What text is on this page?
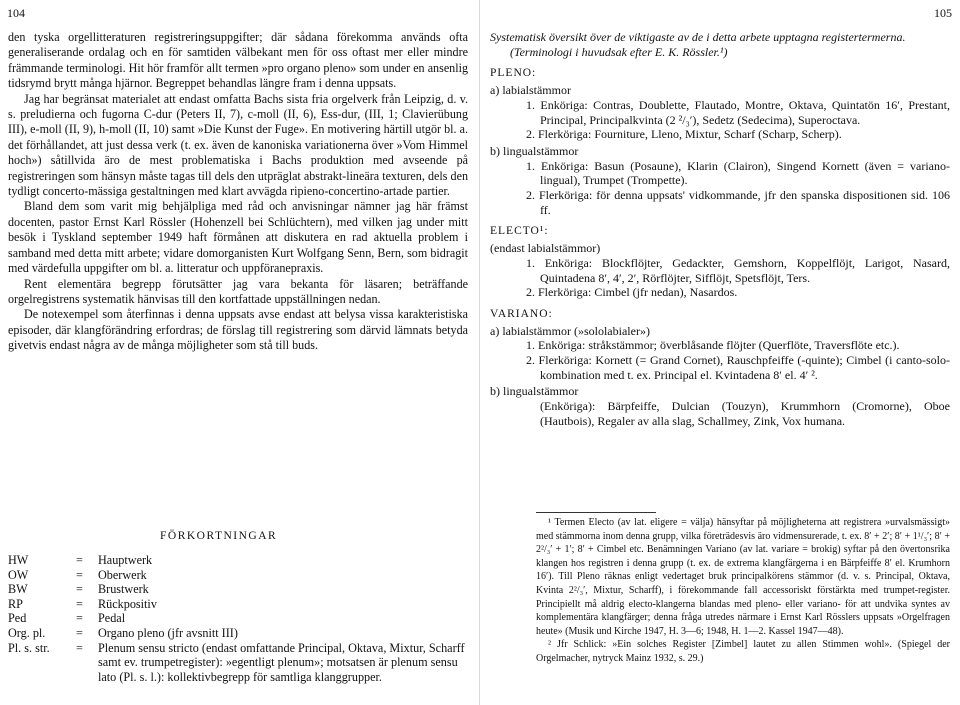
104

den tyska orgellitteraturen registreringsuppgifter; där sådana förekomma används ofta generaliserande ordalag och en för samtiden välbekant men för oss oftast mer eller mindre främmande terminologi. Hit hör framför allt termen »pro organo pleno» som under en ansenlig tidsrymd brytt många hjärnor. Begreppet behandlas längre fram i denna uppsats.

Jag har begränsat materialet att endast omfatta Bachs sista fria orgelverk från Leipzig, d. v. s. preludierna och fugorna C-dur (Peters II, 7), c-moll (II, 6), Ess-dur, (III, 1; Clavierübung III), e-moll (II, 9), h-moll (II, 10) samt »Die Kunst der Fuge». En motivering härtill utgör bl. a. det förhållandet, att just dessa verk (t. ex. även de kanoniska variationerna över »Vom Himmel hoch») såtillvida äro de mest problematiska i Bachs produktion med avseende på registreringen som hänsyn måste tagas till dels den utpräglat abstrakt-lineära texturen, dels den tydligt concerto-mässiga gestaltningen med klart avvägda ripieno-concertino-artade partier.

Bland dem som varit mig behjälpliga med råd och anvisningar nämner jag här främst docenten, pastor Ernst Karl Rössler (Hohenzell bei Schlüchtern), med vilken jag under mitt besök i Tyskland september 1949 haft förmånen att diskutera en rad aktuella problem i samband med detta mitt arbete; vidare domorganisten Kurt Wolfgang Senn, Bern, som bidragit med värdefulla uppgifter om bl. a. litteratur och uppföranepraxis.

Rent elementära begrepp förutsätter jag vara bekanta för läsaren; beträffande orgelregistrens systematik hänvisas till den kortfattade uppställningen nedan.

De notexempel som återfinnas i denna uppsats avse endast att belysa vissa karakteristiska episoder, där klangförändring erfordras; de förslag till registrering som därvid lämnats betyda givetvis endast några av de många möjligheter som stå till buds.

FÖRKORTNINGAR
HW	=	Hauptwerk
OW	=	Oberwerk
BW	=	Brustwerk
RP	=	Rückpositiv
Ped	=	Pedal
Org. pl.	=	Organo pleno (jfr avsnitt III)
Pl. s. str.	=	Plenum sensu stricto (endast omfattande Principal, Oktava, Mixtur, Scharff samt ev. trumpetregister): »egentligt plenum»; motsatsen är plenum sensu lato (Pl. s. l.): kollektivbegrepp för samtliga klanggrupper.
105

Systematisk översikt över de viktigaste av de i detta arbete upptagna registertermerna. (Terminologi i huvudsak efter E. K. Rössler.¹)

PLENO:
a) labialstämmor
1. Enköriga: Contras, Doublette, Flautado, Montre, Oktava, Quintatön 16′, Prestant, Principal, Principalkvinta (2 ²/₃′), Sedetz (Sedecima), Superoctava.
2. Flerköriga: Fourniture, Lleno, Mixtur, Scharf (Scharp, Scherp).
b) lingualstämmor
1. Enköriga: Basun (Posaune), Klarin (Clairon), Singend Kornett (även = variano-lingual), Trumpet (Trompette).
2. Flerköriga: för denna uppsats' vidkommande, jfr den spanska dispositionen sid. 106 ff.
ELECTO¹:
(endast labialstämmor)
1. Enköriga: Blockflöjter, Gedackter, Gemshorn, Koppelflöjt, Larigot, Nasard, Quintadena 8′, 4′, 2′, Rörflöjter, Sifflöjt, Spetsflöjt, Ters.
2. Flerköriga: Cimbel (jfr nedan), Nasardos.
VARIANO:
a) labialstämmor (»sololabialer»)
1. Enköriga: stråkstämmor; överblåsande flöjter (Querflöte, Traversflöte etc.).
2. Flerköriga: Kornett (= Grand Cornet), Rauschpfeiffe (-quinte); Cimbel (i canto-solo-kombination med t. ex. Principal el. Kvintadena 8′ el. 4′ ².
b) lingualstämmor
(Enköriga): Bärpfeiffe, Dulcian (Touzyn), Krummhorn (Cromorne), Oboe (Hautbois), Regaler av alla slag, Schallmey, Zink, Vox humana.

¹ Termen Electo (av lat. eligere = välja) hänsyftar på möjligheterna att registrera »urvalsmässigt» med stämmorna inom denna grupp, vilka företrädesvis äro vidmensurerade, t. ex. 8′ + 2′; 8′ + 1¹/₃′; 8′ + 2²/₃′ + 1′; 8′ + Cimbel etc. Benämningen Variano (av lat. variare = brokig) syftar på den övertonsrika klangen hos registren i denna grupp (t. ex. de extrema klangfärgerna i en Bärpfeiffe 8′ el. Krumhorn 16′). Till Pleno räknas enligt vedertaget bruk principalkörens stämmor (d. v. s. Principal, Oktava, Kvinta 2²/₃′, Mixtur, Scharff), i förekommande fall accessoriskt förstärkta med trumpet-register. Principiellt må aldrig electo-klangerna blandas med pleno- eller variano- för att undvika syntes av komplementära klangfärger; denna fråga utredes närmare i Ernst Karl Rösslers uppsats »Orgelfragen heute» (Musik und Kirche 1947, H. 3—6; 1948, H. 1—2. Kassel 1947—48).

² Jfr Schlick: »Ein solches Register [Zimbel] lautet zu allen Stimmen wohl». (Spiegel der Orgelmacher, nytryck Mainz 1932, s. 29.)
